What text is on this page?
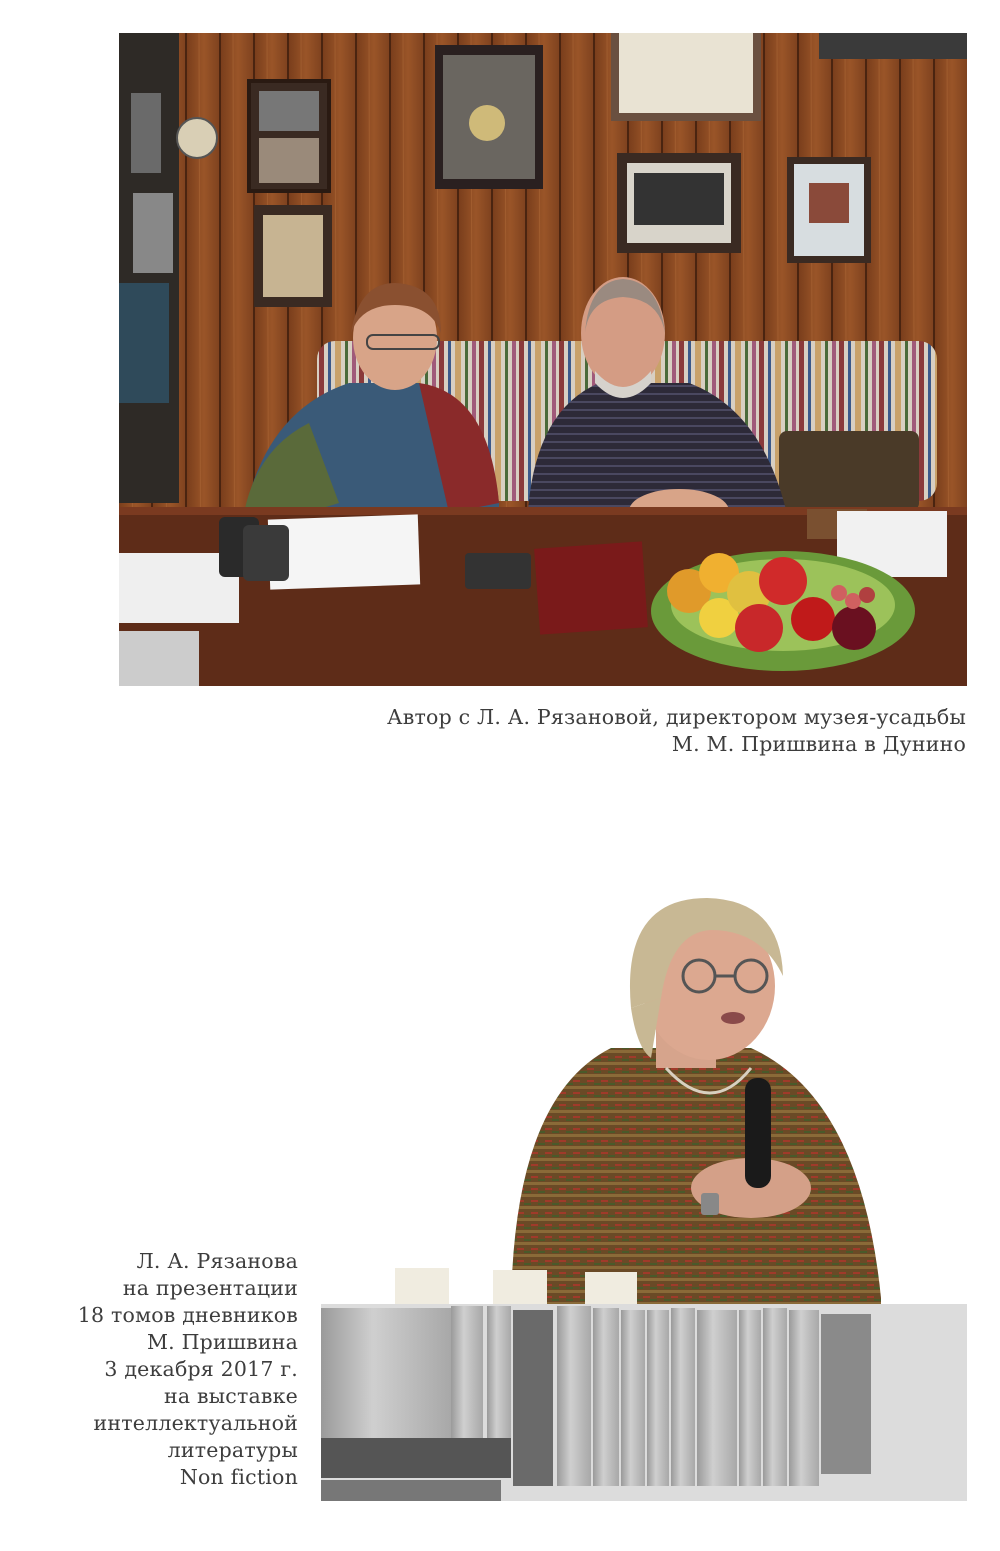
Автор с Л. А. Рязановой, директором музея-усадьбы
М. М. Пришвина в Дунино
Л. А. Рязанова
на презентации
18 томов дневников
М. Пришвина
3 декабря 2017 г.
на выставке
интеллектуальной
литературы
Non fiction
